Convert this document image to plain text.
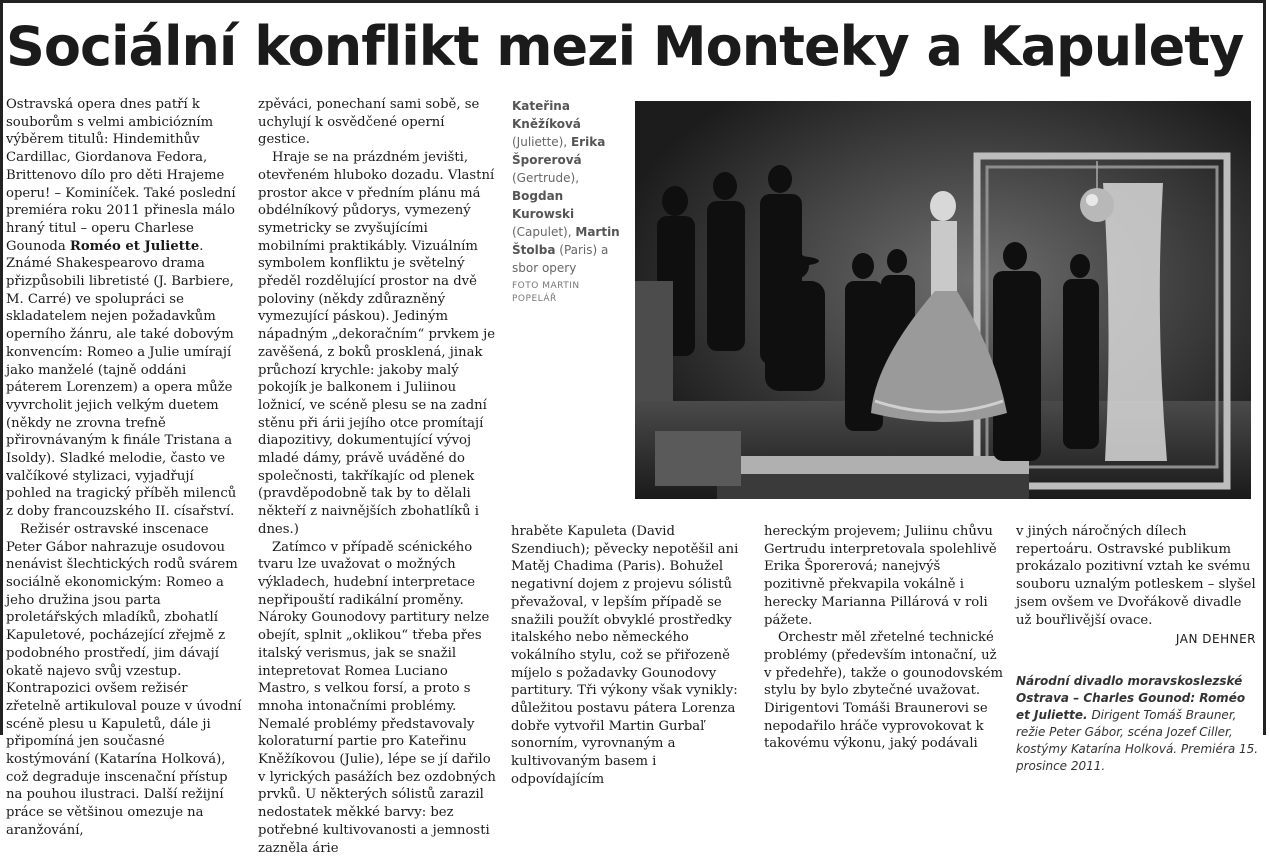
Sociální konflikt mezi Monteky a Kapulety

Ostravská opera dnes patří k souborům s velmi ambiciózním výběrem titulů: Hindemithův Cardillac, Giordanova Fedora, Brittenovo dílo pro děti Hrajeme operu! – Kominíček. Také poslední premiéra roku 2011 přinesla málo hraný titul – operu Charlese Gounoda Roméo et Juliette. Známé Shakespearovo drama přizpůsobili libretisté (J. Barbiere, M. Carré) ve spolupráci se skladatelem nejen požadavkům operního žánru, ale také dobovým konvencím: Romeo a Julie umírají jako manželé (tajně oddáni páterem Lorenzem) a opera může vyvrcholit jejich velkým duetem (někdy ne zrovna trefně přirovnávaným k finále Tristana a Isoldy). Sladké melodie, často ve valčíkové stylizaci, vyjadřují pohled na tragický příběh milenců z doby francouzského II. císařství.

Režisér ostravské inscenace Peter Gábor nahrazuje osudovou nenávist šlechtických rodů svárem sociálně ekonomickým: Romeo a jeho družina jsou parta proletářských mladíků, zbohatlí Kapuletové, pocházející zřejmě z podobného prostředí, jim dávají okatě najevo svůj vzestup. Kontrapozici ovšem režisér zřetelně artikuloval pouze v úvodní scéně plesu u Kapuletů, dále ji připomíná jen současné kostýmování (Katarína Holková), což degraduje inscenační přístup na pouhou ilustraci. Další režijní práce se většinou omezuje na aranžování,

zpěváci, ponechaní sami sobě, se uchylují k osvědčené operní gestice.

Hraje se na prázdném jevišti, otevřeném hluboko dozadu. Vlastní prostor akce v předním plánu má obdélníkový půdorys, vymezený symetricky se zvyšujícími mobilními praktikábly. Vizuálním symbolem konfliktu je světelný předěl rozdělující prostor na dvě poloviny (někdy zdůrazněný vymezující páskou). Jediným nápadným „dekoračním“ prvkem je zavěšená, z boků prosklená, jinak průchozí krychle: jakoby malý pokojík je balkonem i Juliinou ložnicí, ve scéně plesu se na zadní stěnu při árii jejího otce promítají diapozitivy, dokumentující vývoj mladé dámy, právě uváděné do společnosti, takříkajíc od plenek (pravděpodobně tak by to dělali někteří z naivnějších zbohatlíků i dnes.)

Zatímco v případě scénického tvaru lze uvažovat o možných výkladech, hudební interpretace nepřipouští radikální proměny. Nároky Gounodovy partitury nelze obejít, splnit „oklikou“ třeba přes italský verismus, jak se snažil intepretovat Romea Luciano Mastro, s velkou forsí, a proto s mnoha intonačními problémy. Nemalé problémy představovaly koloraturní partie pro Kateřinu Kněžíkovou (Julie), lépe se jí dařilo v lyrických pasážích bez ozdobných prvků. U některých sólistů zarazil nedostatek měkké barvy: bez potřebné kultivovanosti a jemnosti zazněla árie

Kateřina Kněžíková (Juliette), Erika Šporerová (Gertrude), Bogdan Kurowski (Capulet), Martin Štolba (Paris) a sbor opery
FOTO MARTIN POPELÁŘ

hraběte Kapuleta (David Szendiuch); pěvecky nepotěšil ani Matěj Chadima (Paris). Bohužel negativní dojem z projevu sólistů převažoval, v lepším případě se snažili použít obvyklé prostředky italského nebo německého vokálního stylu, což se přiřozeně míjelo s požadavky Gounodovy partitury. Tři výkony však vynikly: důležitou postavu pátera Lorenza dobře vytvořil Martin Gurbaľ sonorním, vyrovnaným a kultivovaným basem i odpovídajícím

hereckým projevem; Juliinu chůvu Gertrudu interpretovala spolehlivě Erika Šporerová; nanejvýš pozitivně překvapila vokálně i herecky Marianna Pillárová v roli pážete.

Orchestr měl zřetelné technické problémy (především intonační, už v předehře), takže o gounodovském stylu by bylo zbytečné uvažovat. Dirigentovi Tomáši Braunerovi se nepodařilo hráče vyprovokovat k takovému výkonu, jaký podávali

v jiných náročných dílech repertoáru. Ostravské publikum prokázalo pozitivní vztah ke svému souboru uznalým potleskem – slyšel jsem ovšem ve Dvořákově divadle už bouřlivější ovace.

JAN DEHNER

Národní divadlo moravskoslezské Ostrava – Charles Gounod: Roméo et Juliette. Dirigent Tomáš Brauner, režie Peter Gábor, scéna Jozef Ciller, kostýmy Katarína Holková. Premiéra 15. prosince 2011.
